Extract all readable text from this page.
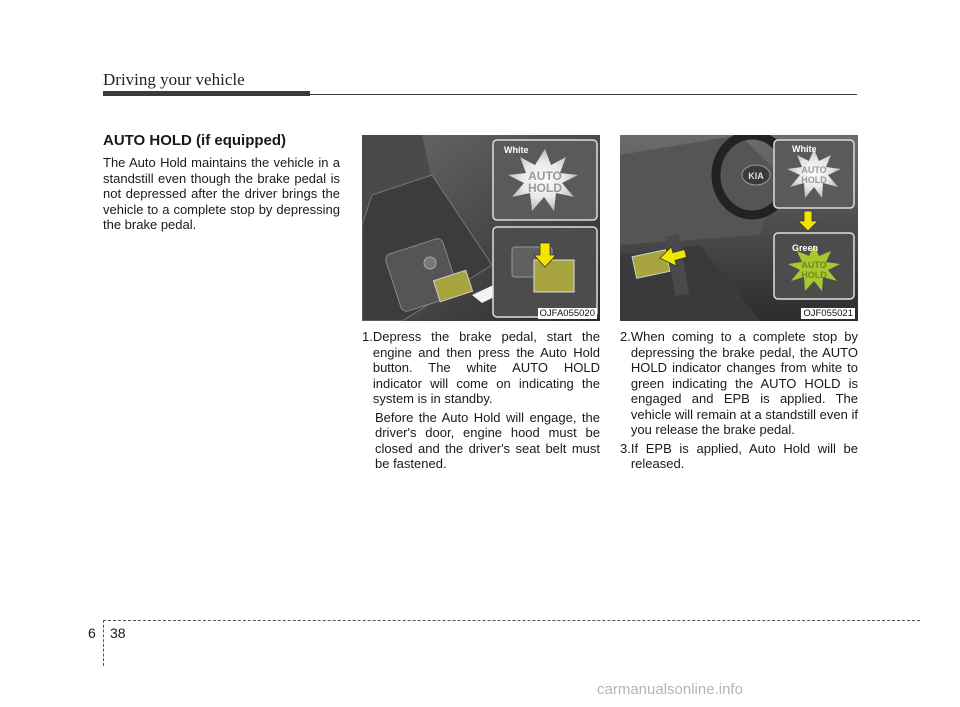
Driving your vehicle
AUTO HOLD (if equipped)
The Auto Hold maintains the vehicle in a standstill even though the brake pedal is not depressed after the driver brings the vehicle to a complete stop by depressing the brake pedal.
AUTO
HOLD
White
OJFA055020
KIA
AUTO
HOLD
White
AUTO
HOLD
Green
OJF055021
1. Depress the brake pedal, start the engine and then press the Auto Hold button. The white AUTO HOLD indicator will come on indicating the system is in standby.
Before the Auto Hold will engage, the driver's door, engine hood must be closed and the driver's seat belt must be fastened.
2. When coming to a complete stop by depressing the brake pedal, the AUTO HOLD indicator changes from white to green indicating the AUTO HOLD is engaged and EPB is applied. The vehicle will remain at a standstill even if you release the brake pedal.
3. If EPB is applied, Auto Hold will be released.
6 38
carmanualsonline.info
